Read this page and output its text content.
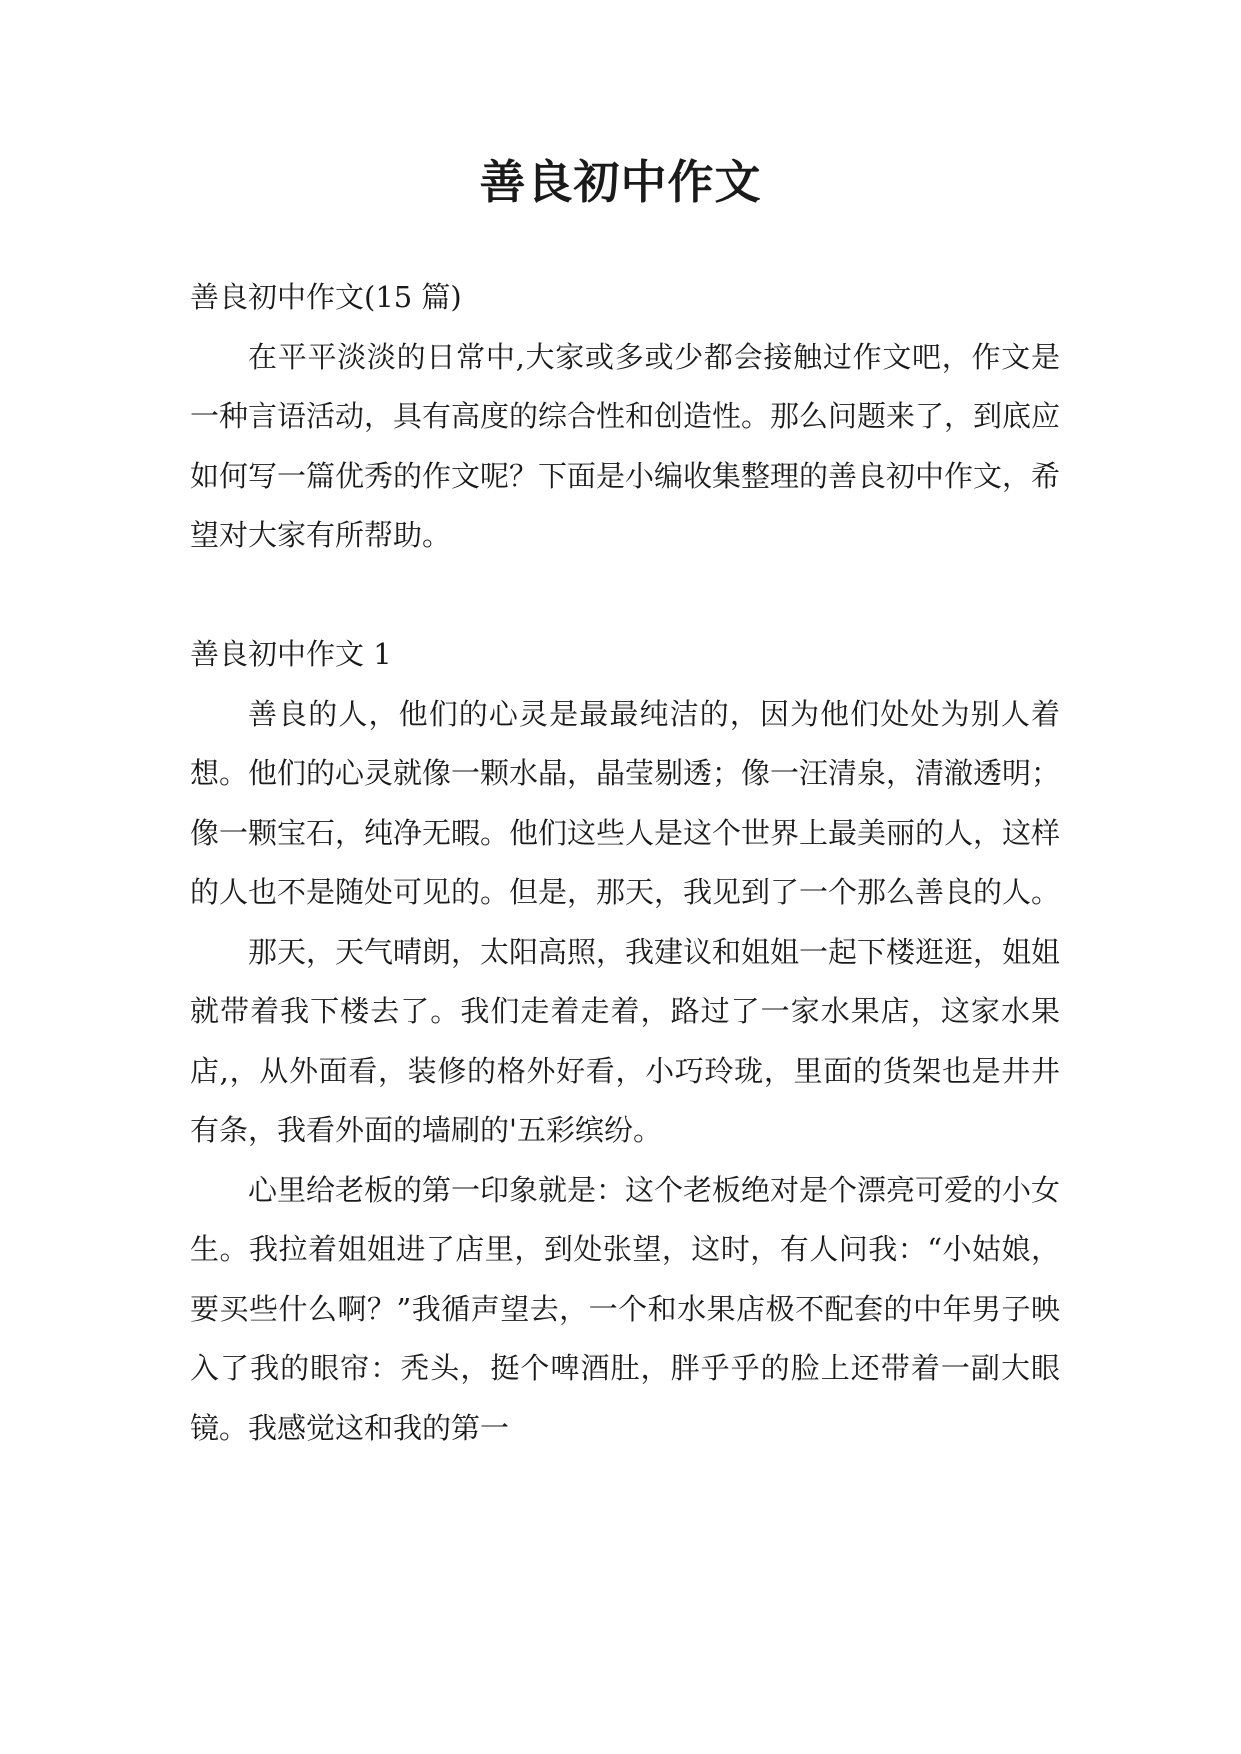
善良初中作文

善良初中作文(15 篇)

在平平淡淡的日常中,大家或多或少都会接触过作文吧，作文是一种言语活动，具有高度的综合性和创造性。那么问题来了，到底应如何写一篇优秀的作文呢？下面是小编收集整理的善良初中作文，希望对大家有所帮助。

善良初中作文 1

善良的人，他们的心灵是最最纯洁的，因为他们处处为别人着想。他们的心灵就像一颗水晶，晶莹剔透；像一汪清泉，清澈透明；像一颗宝石，纯净无暇。他们这些人是这个世界上最美丽的人，这样的人也不是随处可见的。但是，那天，我见到了一个那么善良的人。

那天，天气晴朗，太阳高照，我建议和姐姐一起下楼逛逛，姐姐就带着我下楼去了。我们走着走着，路过了一家水果店，这家水果店,，从外面看，装修的格外好看，小巧玲珑，里面的货架也是井井有条，我看外面的墙刷的'五彩缤纷。

心里给老板的第一印象就是：这个老板绝对是个漂亮可爱的小女生。我拉着姐姐进了店里，到处张望，这时，有人问我：“小姑娘，要买些什么啊？”我循声望去，一个和水果店极不配套的中年男子映入了我的眼帘：秃头，挺个啤酒肚，胖乎乎的脸上还带着一副大眼镜。我感觉这和我的第一
